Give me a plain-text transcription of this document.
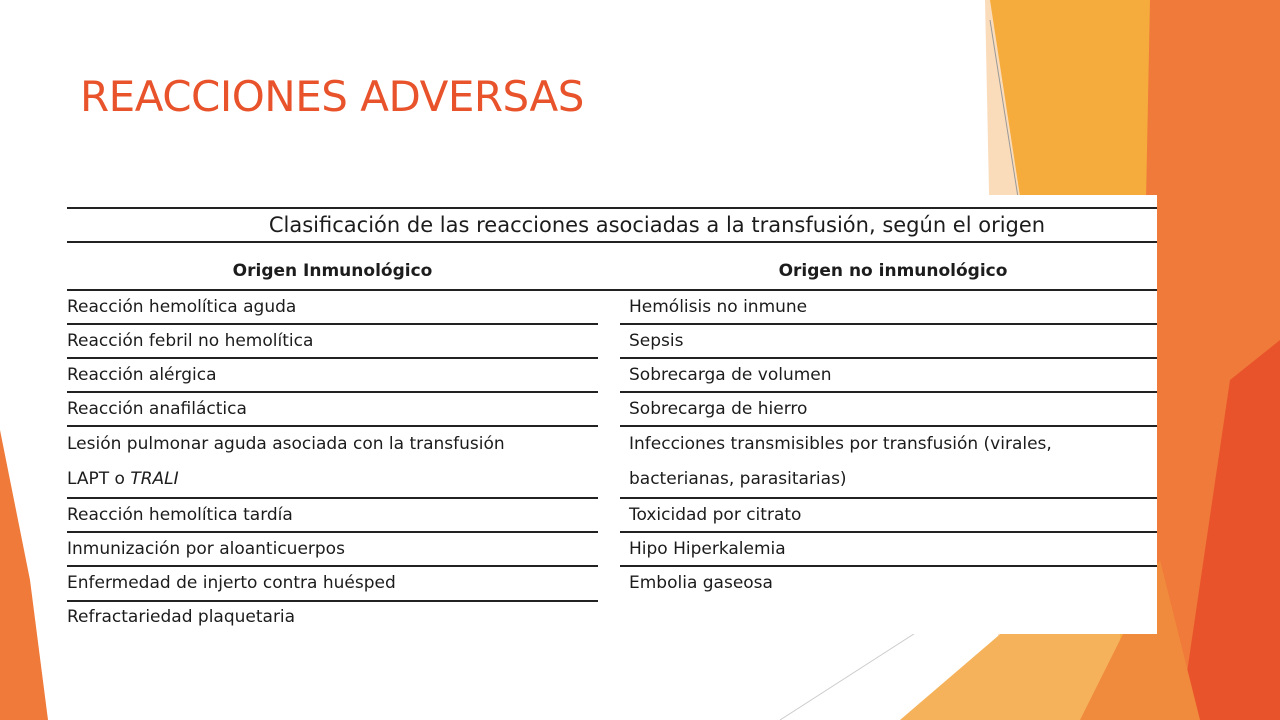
REACCIONES ADVERSAS
Clasificación de las reacciones asociadas a la transfusión, según el origen
Origen Inmunológico	Origen no inmunológico
Reacción hemolítica aguda
Reacción febril no hemolítica
Reacción alérgica
Reacción anafiláctica
Lesión pulmonar aguda asociada con la transfusión
LAPT o TRALI
Reacción hemolítica tardía
Inmunización por aloanticuerpos
Enfermedad de injerto contra huésped
Refractariedad plaquetaria
Hemólisis no inmune
Sepsis
Sobrecarga de volumen
Sobrecarga de hierro
Infecciones transmisibles por transfusión (virales,
bacterianas, parasitarias)
Toxicidad por citrato
Hipo Hiperkalemia
Embolia gaseosa
